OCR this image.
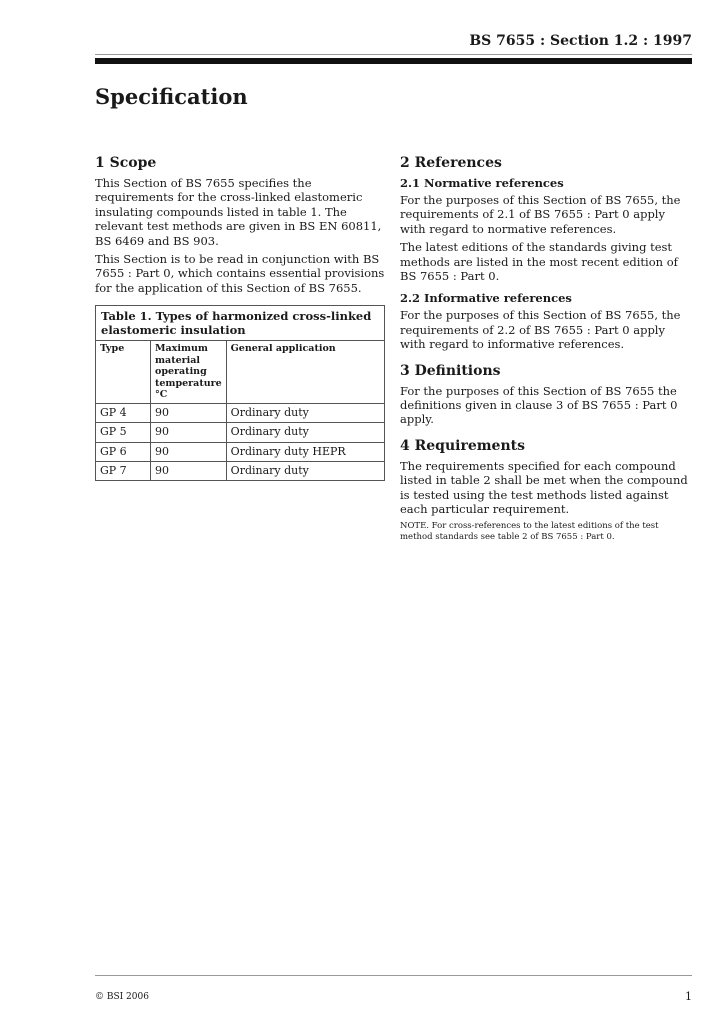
BS 7655 : Section 1.2 : 1997
Specification
1 Scope

This Section of BS 7655 specifies the requirements for the cross-linked elastomeric insulating compounds listed in table 1. The relevant test methods are given in BS EN 60811, BS 6469 and BS 903.

This Section is to be read in conjunction with BS 7655 : Part 0, which contains essential provisions for the application of this Section of BS 7655.

Table 1. Types of harmonized cross-linked elastomeric insulation		
Type	Maximum material operating temperature °C	General application
GP 4	90	Ordinary duty
GP 5	90	Ordinary duty
GP 6	90	Ordinary duty HEPR
GP 7	90	Ordinary duty
2 References
2.1 Normative references

For the purposes of this Section of BS 7655, the requirements of 2.1 of BS 7655 : Part 0 apply with regard to normative references.

The latest editions of the standards giving test methods are listed in the most recent edition of BS 7655 : Part 0.

2.2 Informative references

For the purposes of this Section of BS 7655, the requirements of 2.2 of BS 7655 : Part 0 apply with regard to informative references.

3 Definitions

For the purposes of this Section of BS 7655 the definitions given in clause 3 of BS 7655 : Part 0 apply.

4 Requirements

The requirements specified for each compound listed in table 2 shall be met when the compound is tested using the test methods listed against each particular requirement.

NOTE. For cross-references to the latest editions of the test method standards see table 2 of BS 7655 : Part 0.

© BSI 2006	1
